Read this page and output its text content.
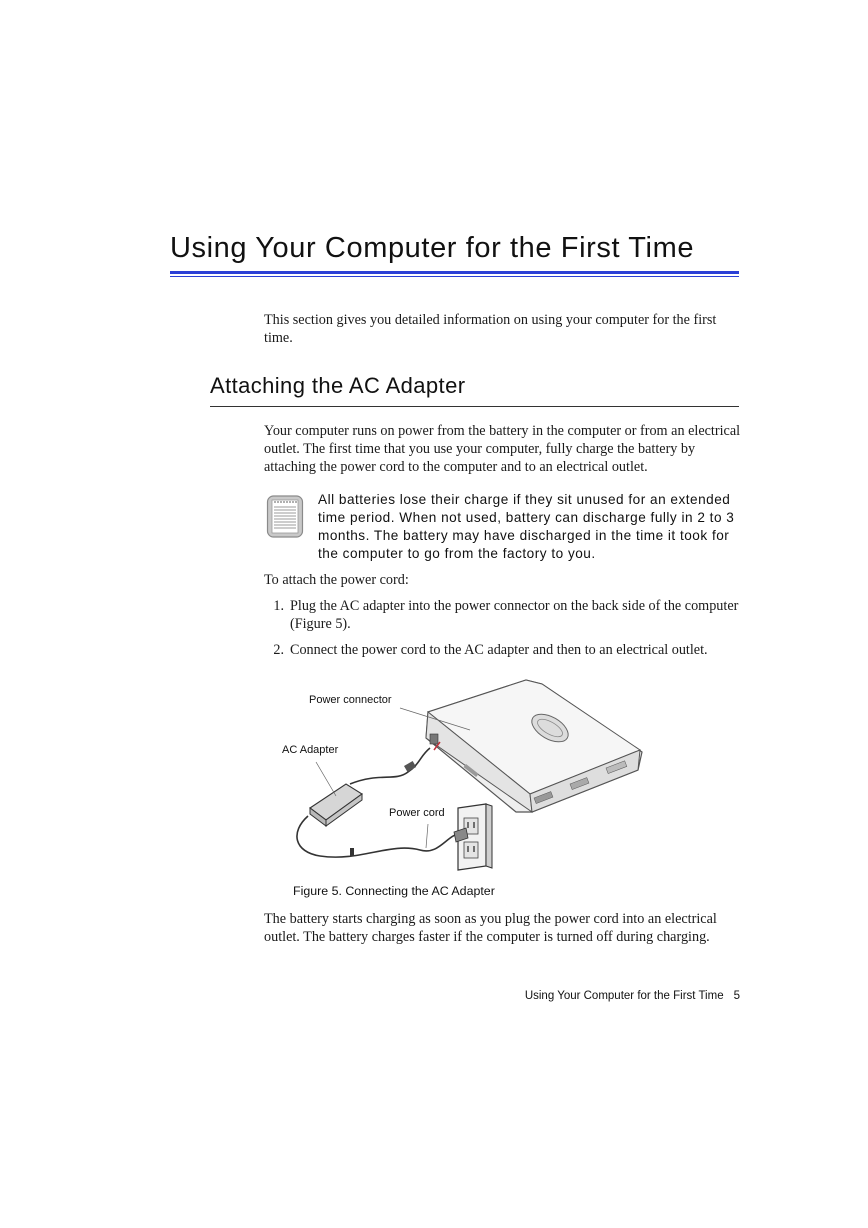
Using Your Computer for the First Time
This section gives you detailed information on using your computer for the first time.
Attaching the AC Adapter
Your computer runs on power from the battery in the computer or from an electrical outlet. The first time that you use your computer, fully charge the battery by attaching the power cord to the computer and to an electrical outlet.
All batteries lose their charge if they sit unused for an extended time period. When not used, battery can discharge fully in 2 to 3 months. The battery may have discharged in the time it took for the computer to go from the factory to you.
To attach the power cord:
1. Plug the AC adapter into the power connector on the back side of the computer (Figure 5).
2. Connect the power cord to the AC adapter and then to an electrical outlet.
Power connector
AC Adapter
Power cord
Figure 5. Connecting the AC Adapter
The battery starts charging as soon as you plug the power cord into an electrical outlet. The battery charges faster if the computer is turned off during charging.
Using Your Computer for the First Time 5
